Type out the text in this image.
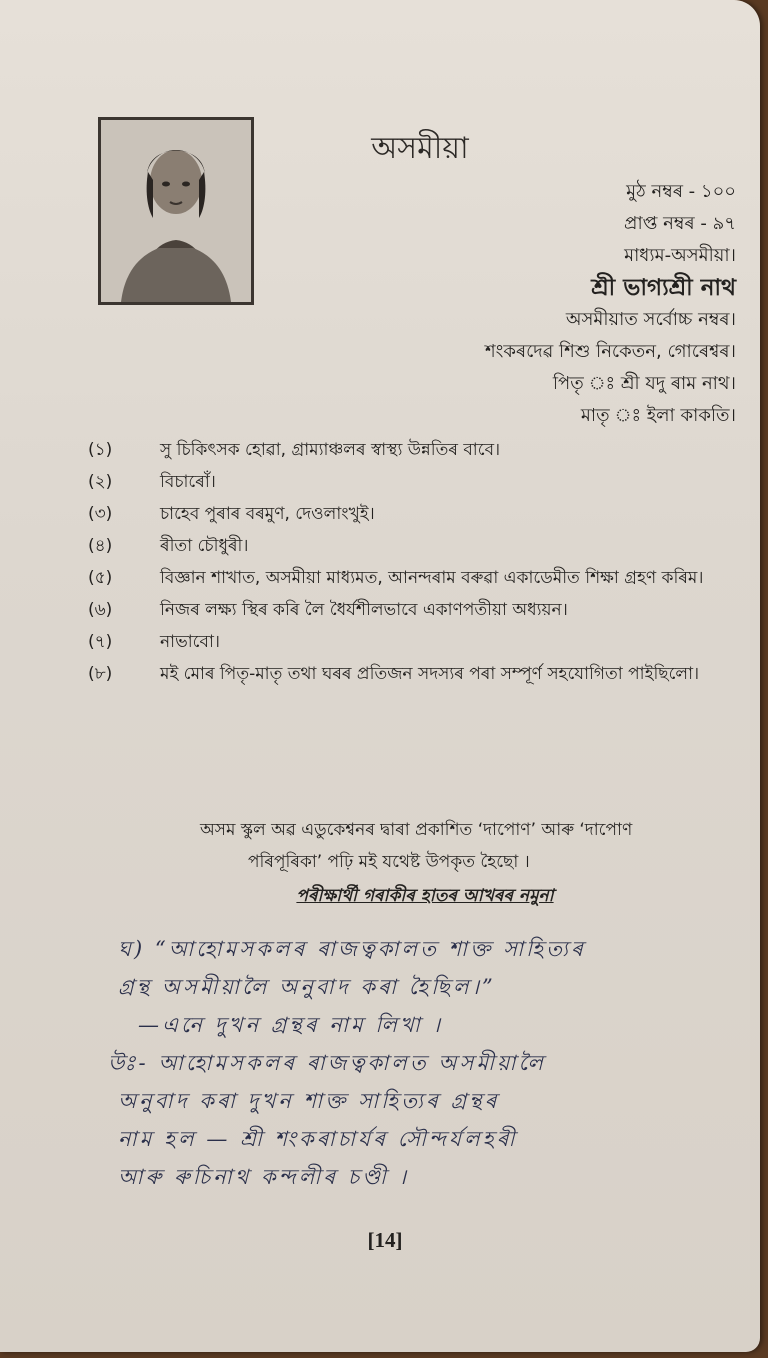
অসমীয়া
মুঠ নম্বৰ - ১০০
প্ৰাপ্ত নম্বৰ - ৯৭
মাধ্যম-অসমীয়া।
শ্ৰী ভাগ্যশ্ৰী নাথ
অসমীয়াত সৰ্বোচ্চ নম্বৰ।
শংকৰদেৱ শিশু নিকেতন, গোৰেশ্বৰ।
পিতৃ ঃ শ্ৰী যদু ৰাম নাথ।
মাতৃ ঃ ইলা কাকতি।
(১)	সু চিকিৎসক হোৱা, গ্ৰাম্যাঞ্চলৰ স্বাস্থ্য উন্নতিৰ বাবে।
(২)	বিচাৰোঁ।
(৩)	চাহেব পুৰাৰ বৰমুণ, দেওলাংখুই।
(৪)	ৰীতা চৌধুৰী।
(৫)	বিজ্ঞান শাখাত, অসমীয়া মাধ্যমত, আনন্দৰাম বৰুৱা একাডেমীত শিক্ষা গ্ৰহণ কৰিম।
(৬)	নিজৰ লক্ষ্য স্থিৰ কৰি লৈ ধৈৰ্যশীলভাবে একাণপতীয়া অধ্যয়ন।
(৭)	নাভাবো।
(৮)	মই মোৰ পিতৃ-মাতৃ তথা ঘৰৰ প্ৰতিজন সদস্যৰ পৰা সম্পূৰ্ণ সহযোগিতা পাইছিলো।
অসম স্কুল অৱ এডুকেশ্বনৰ দ্বাৰা প্ৰকাশিত ‘দাপোণ’ আৰু ‘দাপোণ
পৰিপূৰিকা’ পঢ়ি মই যথেষ্ট উপকৃত হৈছো ।
পৰীক্ষাৰ্থী গৰাকীৰ হাতৰ আখৰৰ নমুনা
ঘ) “আহোমসকলৰ ৰাজত্বকালত শাক্ত সাহিত্যৰ
গ্ৰন্থ অসমীয়ালৈ অনুবাদ কৰা হৈছিল।”
—এনে দুখন গ্ৰন্থৰ নাম লিখা ।
উঃ- আহোমসকলৰ ৰাজত্বকালত অসমীয়ালৈ
অনুবাদ কৰা দুখন শাক্ত সাহিত্যৰ গ্ৰন্থৰ
নাম হল — শ্ৰী শংকৰাচাৰ্যৰ সৌন্দৰ্যলহৰী
আৰু ৰুচিনাথ কন্দলীৰ চণ্ডী ।
[14]
